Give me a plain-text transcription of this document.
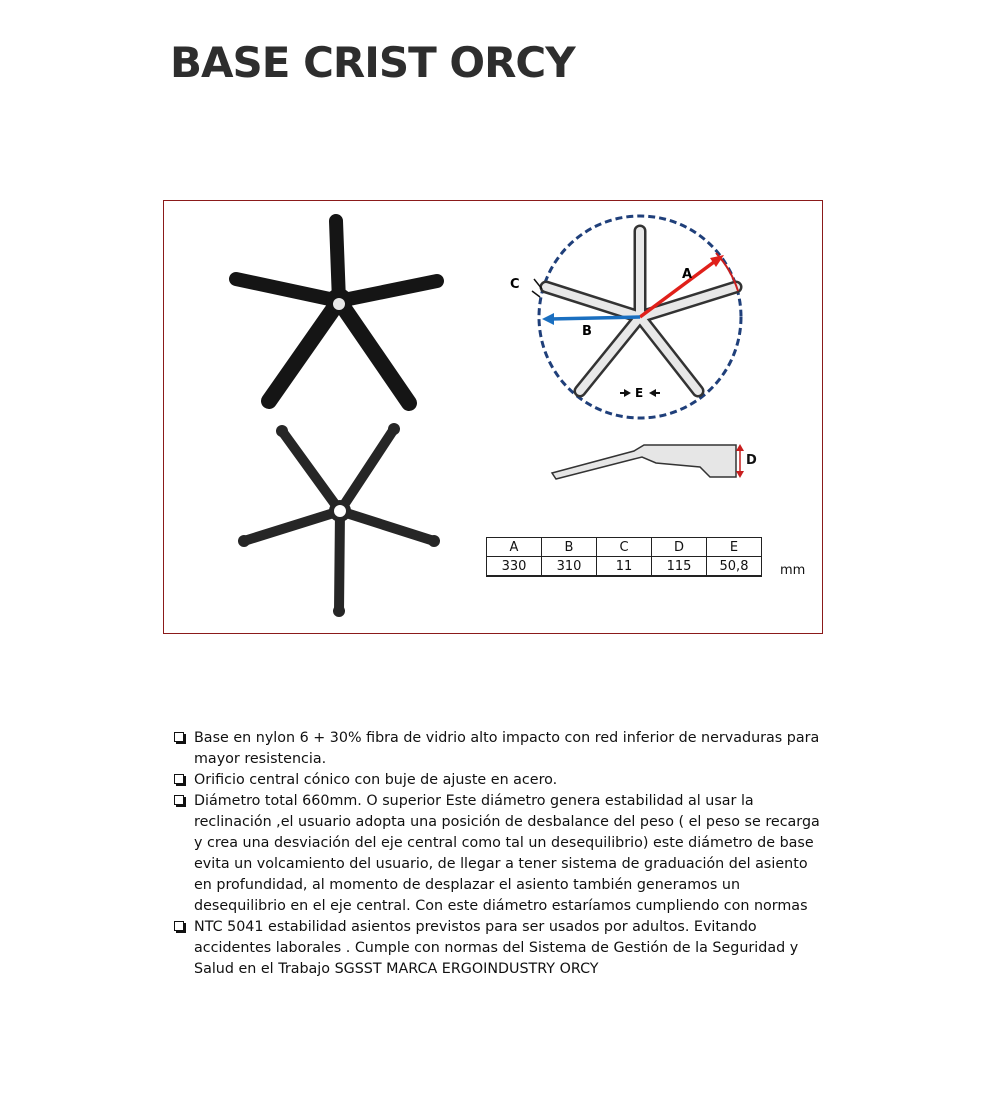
BASE CRIST ORCY
A
B
C
E
D
A	B	C	D	E
330	310	11	115	50,8 mm
Base en nylon 6 + 30% fibra de vidrio alto impacto con red inferior de nervaduras para mayor resistencia.
Orificio central cónico con buje de ajuste en acero.
Diámetro total 660mm. O superior Este diámetro genera estabilidad al usar la reclinación ,el usuario adopta una posición de desbalance del peso ( el peso se recarga y crea una desviación del eje central como tal un desequilibrio) este diámetro de base evita un volcamiento del usuario, de llegar a tener sistema de graduación del asiento en profundidad, al momento de desplazar el asiento también generamos un desequilibrio en el eje central. Con este diámetro estaríamos cumpliendo con normas
NTC 5041 estabilidad asientos previstos para ser usados por adultos. Evitando accidentes laborales . Cumple con normas del Sistema de Gestión de la Seguridad y Salud en el Trabajo SGSST MARCA ERGOINDUSTRY ORCY
